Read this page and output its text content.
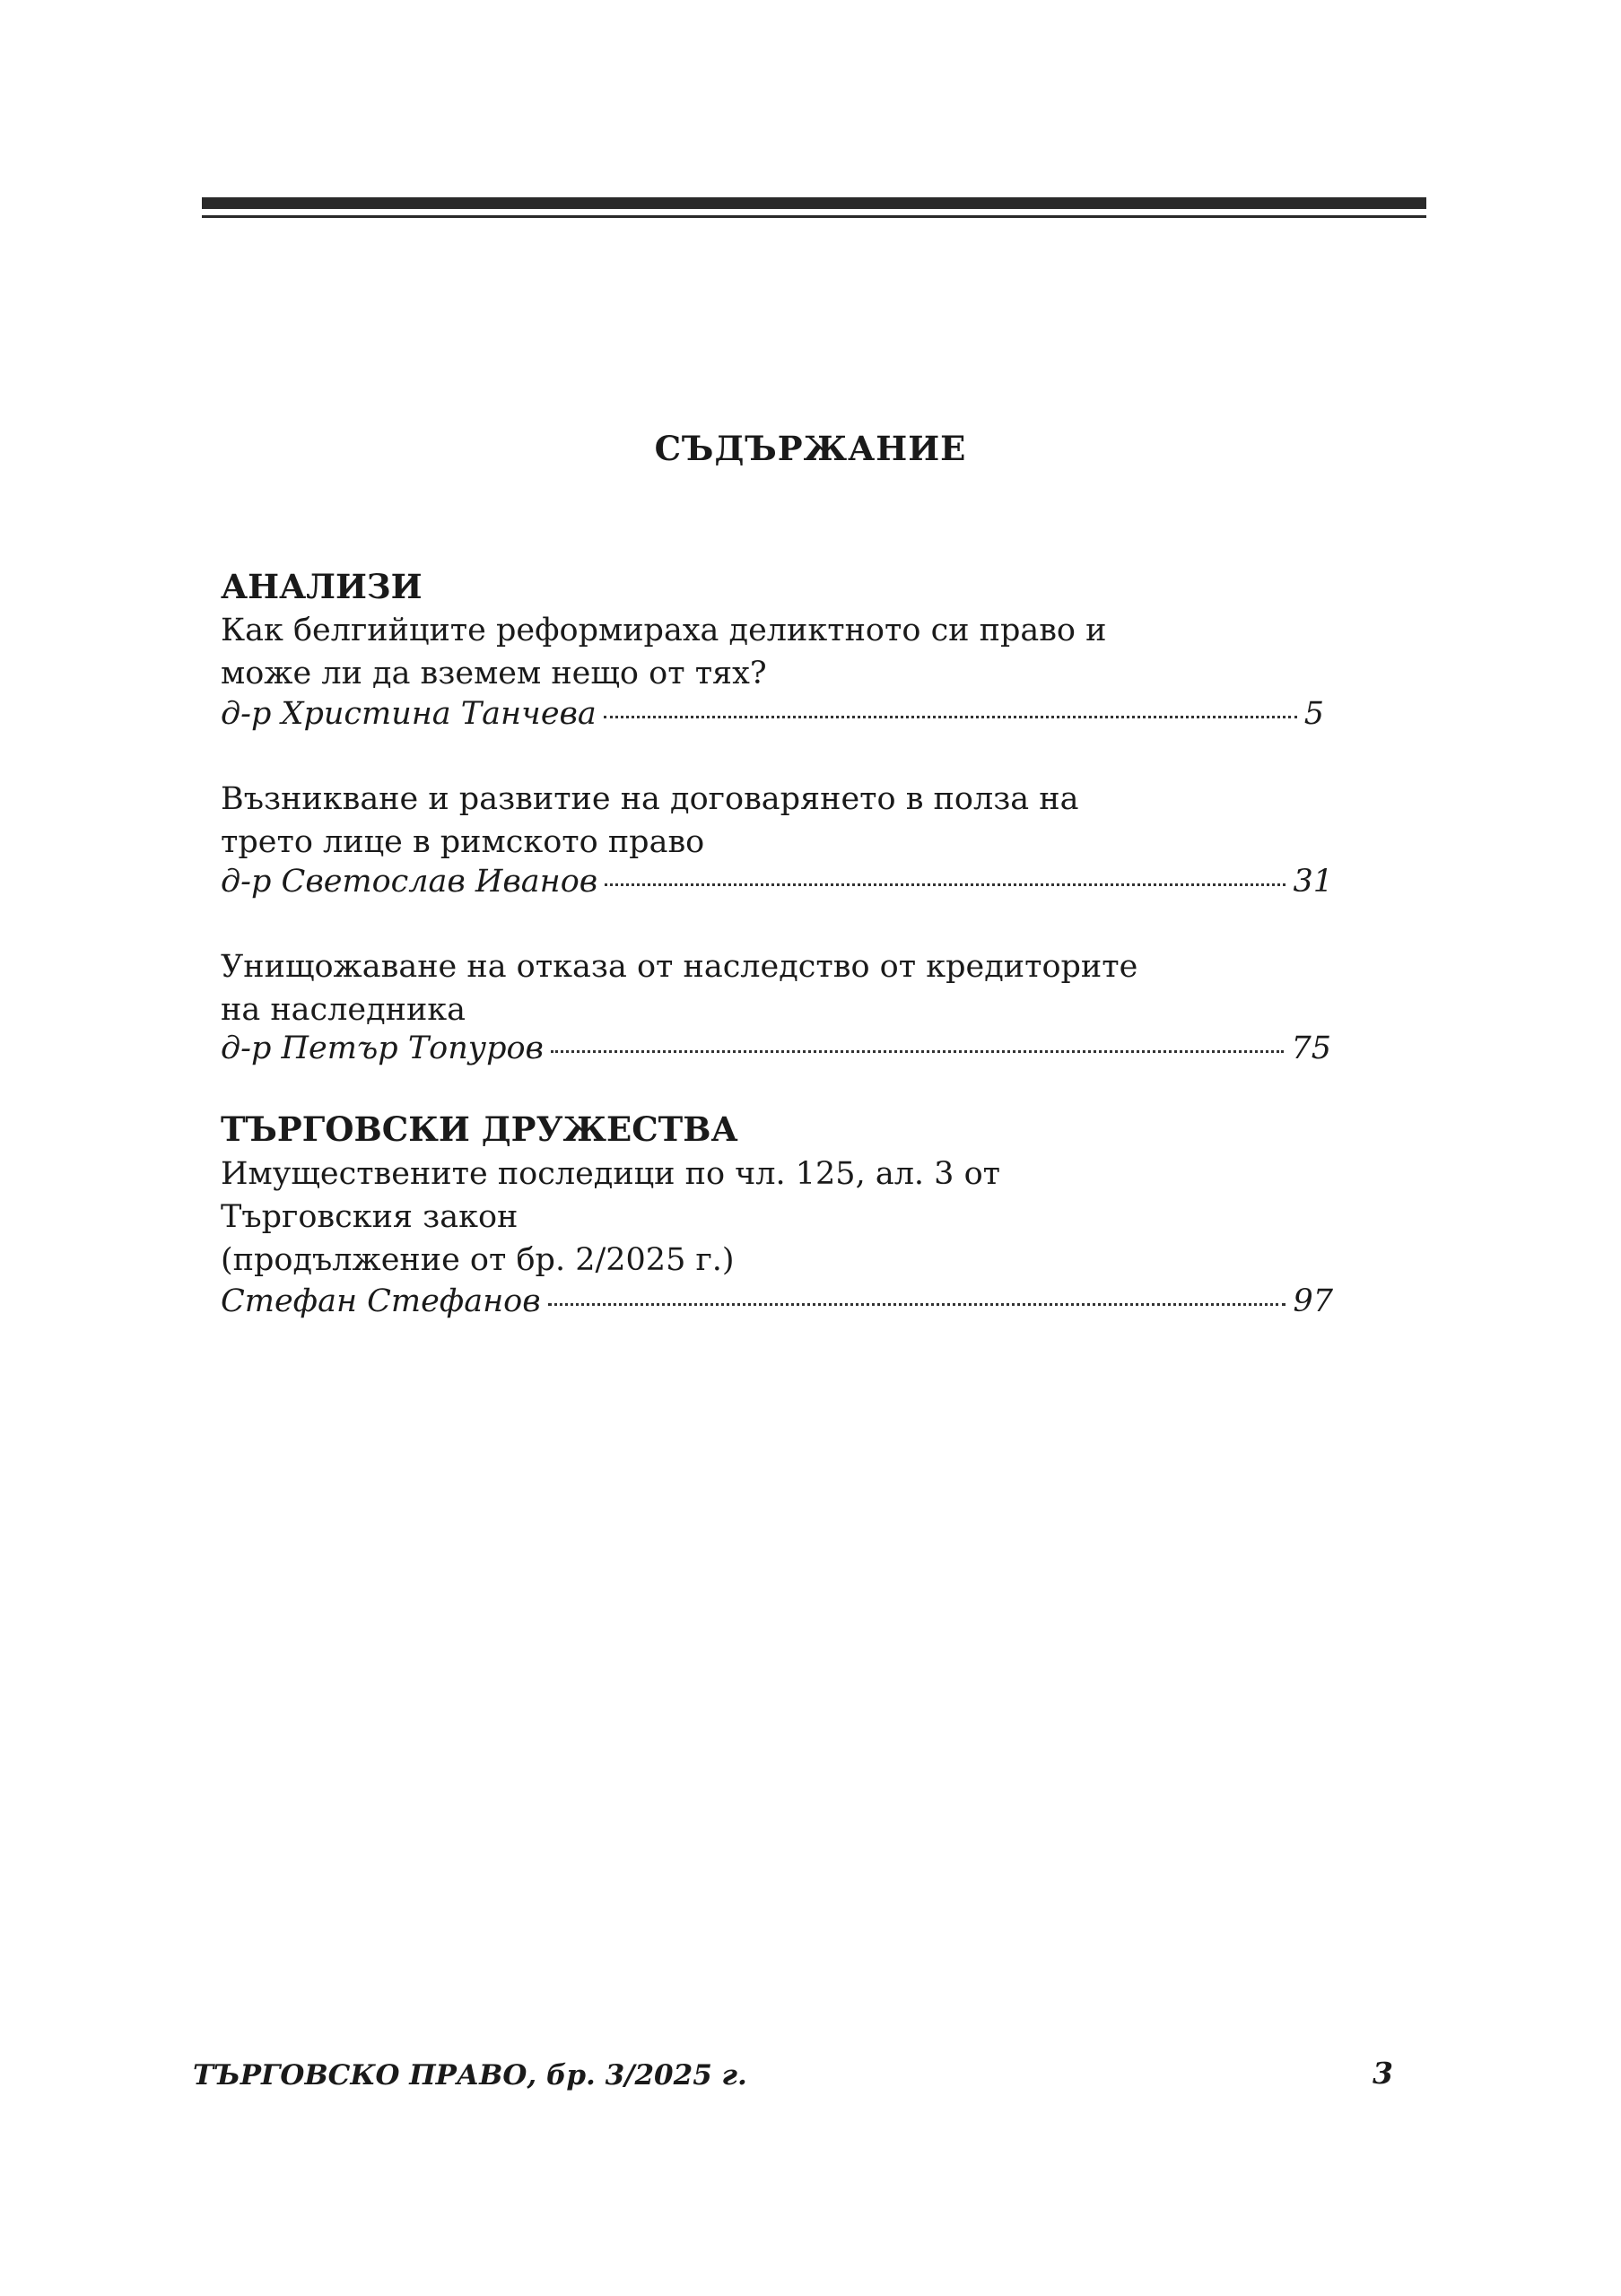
СЪДЪРЖАНИЕ
АНАЛИЗИ
Как белгийците реформираха деликтното си право и
може ли да вземем нещо от тях?
д-р Христина Танчева	5
Възникване и развитие на договарянето в полза на
трето лице в римското право
д-р Светослав Иванов	31
Унищожаване на отказа от наследство от кредиторите
на наследника
д-р Петър Топуров	75
ТЪРГОВСКИ ДРУЖЕСТВА
Имуществените последици по чл. 125, ал. 3 от
Търговския закон
(продължение от бр. 2/2025 г.)
Стефан Стефанов	97
ТЪРГОВСКО ПРАВО, бр. 3/2025 г.	3
